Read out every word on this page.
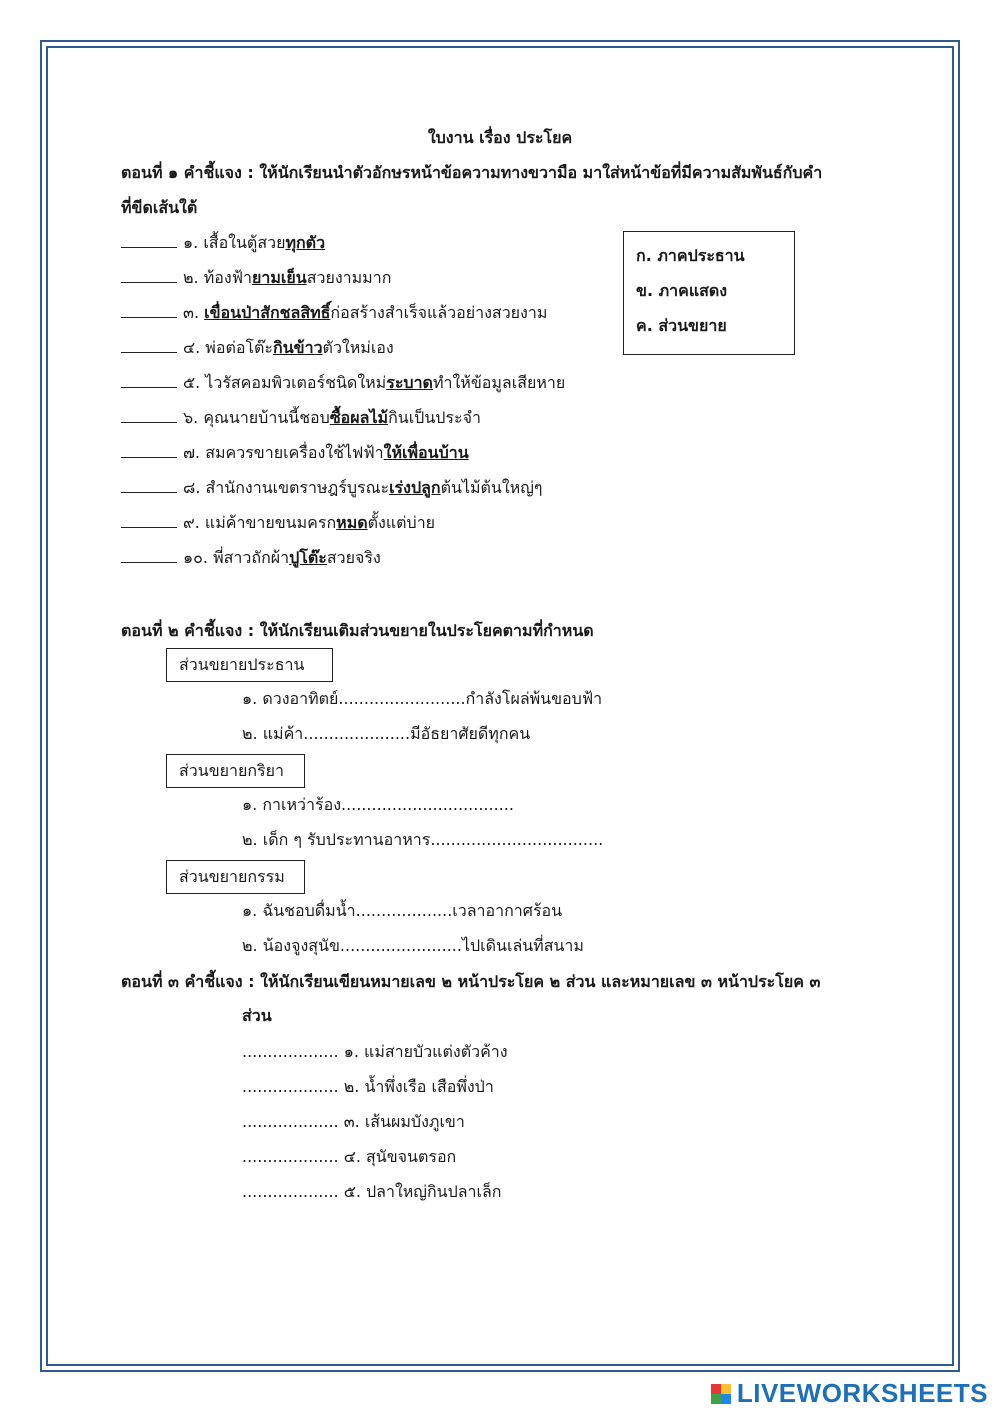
ใบงาน เรื่อง ประโยค
ตอนที่ ๑ คำชี้แจง : ให้นักเรียนนำตัวอักษรหน้าข้อความทางขวามือ มาใส่หน้าข้อที่มีความสัมพันธ์กับคำ
ที่ขีดเส้นใต้
๑. เสื้อในตู้สวยทุกตัว
๒. ท้องฟ้ายามเย็นสวยงามมาก
๓. เขื่อนป่าสักชลสิทธิ์ก่อสร้างสำเร็จแล้วอย่างสวยงาม
๔. พ่อต่อโต๊ะกินข้าวตัวใหม่เอง
๕. ไวรัสคอมพิวเตอร์ชนิดใหม่ระบาดทำให้ข้อมูลเสียหาย
๖. คุณนายบ้านนี้ชอบซื้อผลไม้กินเป็นประจำ
๗. สมควรขายเครื่องใช้ไฟฟ้าให้เพื่อนบ้าน
๘. สำนักงานเขตราษฎร์บูรณะเร่งปลูกต้นไม้ต้นใหญ่ๆ
๙. แม่ค้าขายขนมครกหมดตั้งแต่บ่าย
๑๐. พี่สาวถักผ้าปูโต๊ะสวยจริง
ก. ภาคประธาน
ข. ภาคแสดง
ค. ส่วนขยาย
ตอนที่ ๒ คำชี้แจง : ให้นักเรียนเติมส่วนขยายในประโยคตามที่กำหนด
ส่วนขยายประธาน
๑. ดวงอาทิตย์.........................กำลังโผล่พ้นขอบฟ้า
๒. แม่ค้า.....................มีอัธยาศัยดีทุกคน
ส่วนขยายกริยา
๑. กาเหว่าร้อง..................................
๒. เด็ก ๆ รับประทานอาหาร..................................
ส่วนขยายกรรม
๑. ฉันชอบดื่มน้ำ...................เวลาอากาศร้อน
๒. น้องจูงสุนัข........................ไปเดินเล่นที่สนาม
ตอนที่ ๓ คำชี้แจง : ให้นักเรียนเขียนหมายเลข ๒ หน้าประโยค ๒ ส่วน และหมายเลข ๓ หน้าประโยค ๓
ส่วน
................... ๑. แม่สายบัวแต่งตัวค้าง
................... ๒. น้ำพึ่งเรือ เสือพึ่งป่า
................... ๓. เส้นผมบังภูเขา
................... ๔. สุนัขจนตรอก
................... ๕. ปลาใหญ่กินปลาเล็ก
LIVEWORKSHEETS
